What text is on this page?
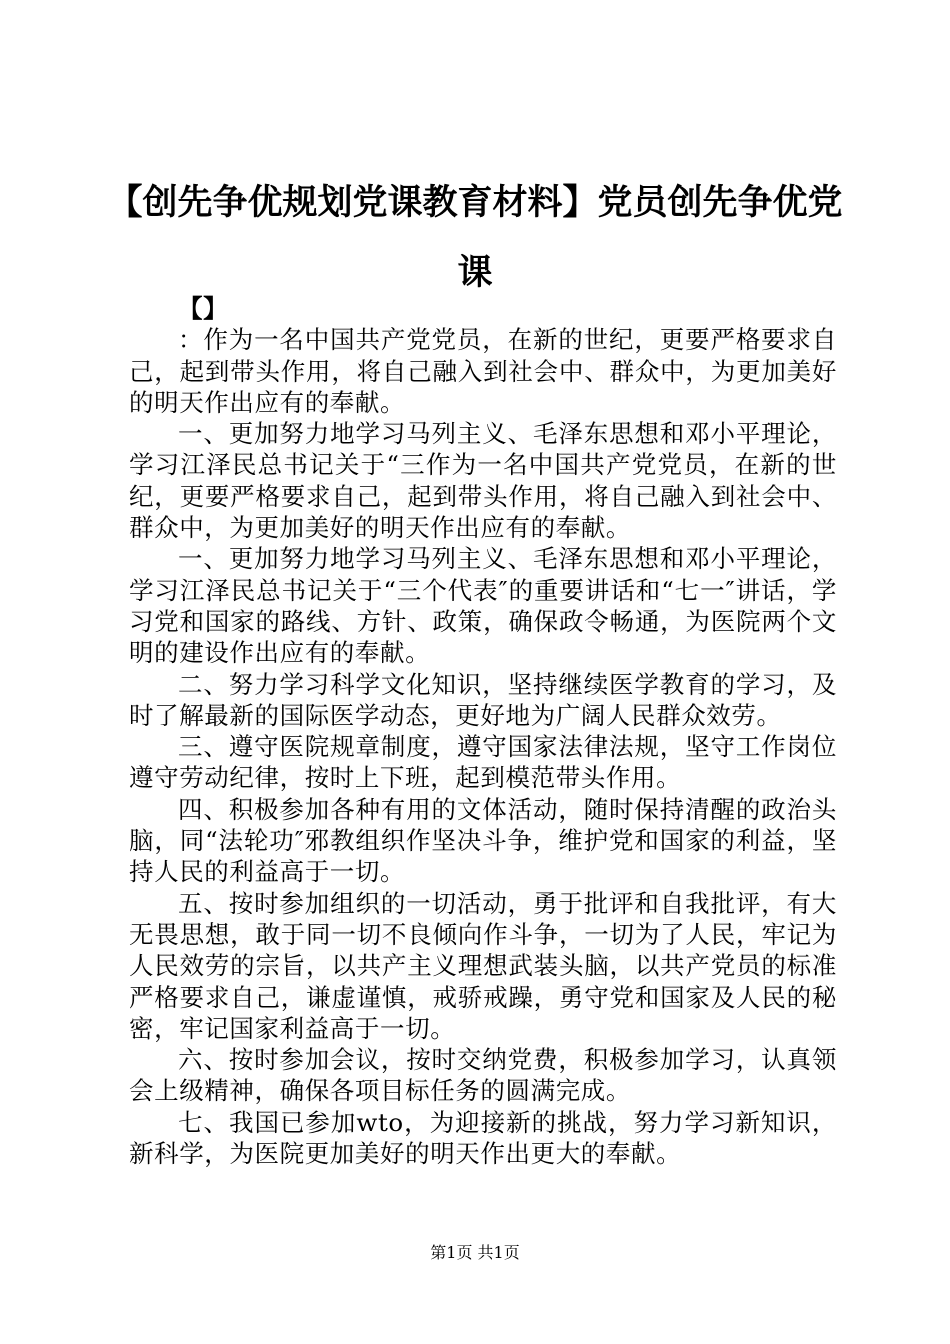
【创先争优规划党课教育材料】党员创先争优党课

【】

：作为一名中国共产党党员，在新的世纪，更要严格要求自己，起到带头作用，将自己融入到社会中、群众中，为更加美好的明天作出应有的奉献。

一、更加努力地学习马列主义、毛泽东思想和邓小平理论，学习江泽民总书记关于“三作为一名中国共产党党员，在新的世纪，更要严格要求自己，起到带头作用，将自己融入到社会中、群众中，为更加美好的明天作出应有的奉献。

一、更加努力地学习马列主义、毛泽东思想和邓小平理论，学习江泽民总书记关于“三个代表″的重要讲话和“七一″讲话，学习党和国家的路线、方针、政策，确保政令畅通，为医院两个文明的建设作出应有的奉献。

二、努力学习科学文化知识，坚持继续医学教育的学习，及时了解最新的国际医学动态，更好地为广阔人民群众效劳。

三、遵守医院规章制度，遵守国家法律法规，坚守工作岗位遵守劳动纪律，按时上下班，起到模范带头作用。

四、积极参加各种有用的文体活动，随时保持清醒的政治头脑，同“法轮功″邪教组织作坚决斗争，维护党和国家的利益，坚持人民的利益高于一切。

五、按时参加组织的一切活动，勇于批评和自我批评，有大无畏思想，敢于同一切不良倾向作斗争，一切为了人民，牢记为人民效劳的宗旨，以共产主义理想武装头脑，以共产党员的标准严格要求自己，谦虚谨慎，戒骄戒躁，勇守党和国家及人民的秘密，牢记国家利益高于一切。

六、按时参加会议，按时交纳党费，积极参加学习，认真领会上级精神，确保各项目标任务的圆满完成。

七、我国已参加wto，为迎接新的挑战，努力学习新知识，新科学，为医院更加美好的明天作出更大的奉献。

第1页 共1页
